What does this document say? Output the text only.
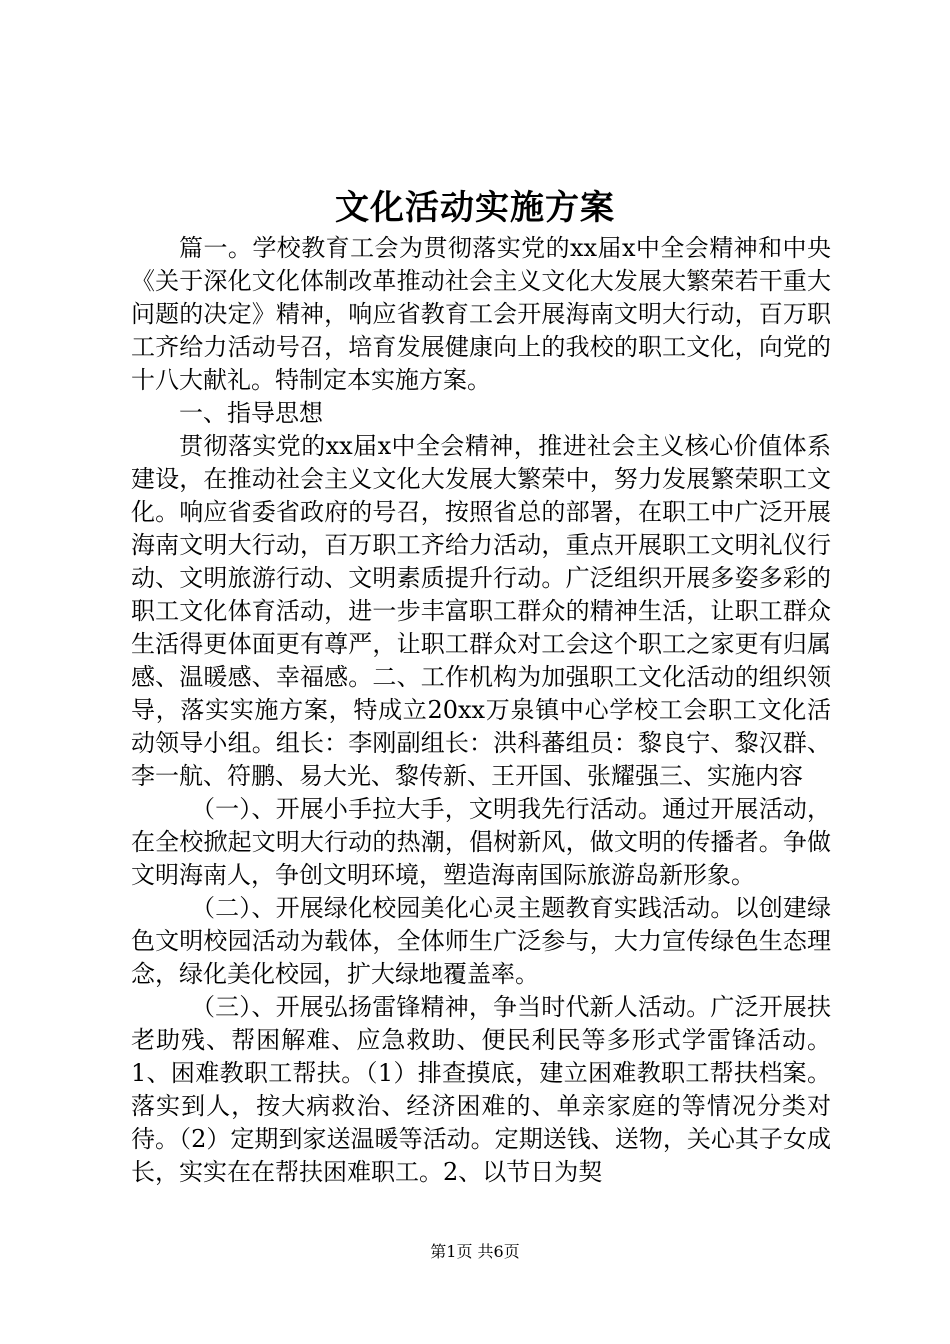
文化活动实施方案

篇一。学校教育工会为贯彻落实党的xx届x中全会精神和中央《关于深化文化体制改革推动社会主义文化大发展大繁荣若干重大问题的决定》精神，响应省教育工会开展海南文明大行动，百万职工齐给力活动号召，培育发展健康向上的我校的职工文化，向党的十八大献礼。特制定本实施方案。

一、指导思想

贯彻落实党的xx届x中全会精神，推进社会主义核心价值体系建设，在推动社会主义文化大发展大繁荣中，努力发展繁荣职工文化。响应省委省政府的号召，按照省总的部署，在职工中广泛开展海南文明大行动，百万职工齐给力活动，重点开展职工文明礼仪行动、文明旅游行动、文明素质提升行动。广泛组织开展多姿多彩的职工文化体育活动，进一步丰富职工群众的精神生活，让职工群众生活得更体面更有尊严，让职工群众对工会这个职工之家更有归属感、温暖感、幸福感。二、工作机构为加强职工文化活动的组织领导，落实实施方案，特成立20xx万泉镇中心学校工会职工文化活动领导小组。组长：李刚副组长：洪科蕃组员：黎良宁、黎汉群、李一航、符鹏、易大光、黎传新、王开国、张耀强三、实施内容

（一）、开展小手拉大手，文明我先行活动。通过开展活动，在全校掀起文明大行动的热潮，倡树新风，做文明的传播者。争做文明海南人，争创文明环境，塑造海南国际旅游岛新形象。

（二）、开展绿化校园美化心灵主题教育实践活动。以创建绿色文明校园活动为载体，全体师生广泛参与，大力宣传绿色生态理念，绿化美化校园，扩大绿地覆盖率。

（三）、开展弘扬雷锋精神，争当时代新人活动。广泛开展扶老助残、帮困解难、应急救助、便民利民等多形式学雷锋活动。1、困难教职工帮扶。（1）排查摸底，建立困难教职工帮扶档案。落实到人，按大病救治、经济困难的、单亲家庭的等情况分类对待。（2）定期到家送温暖等活动。定期送钱、送物，关心其子女成长，实实在在帮扶困难职工。2、以节日为契

第1页 共6页
